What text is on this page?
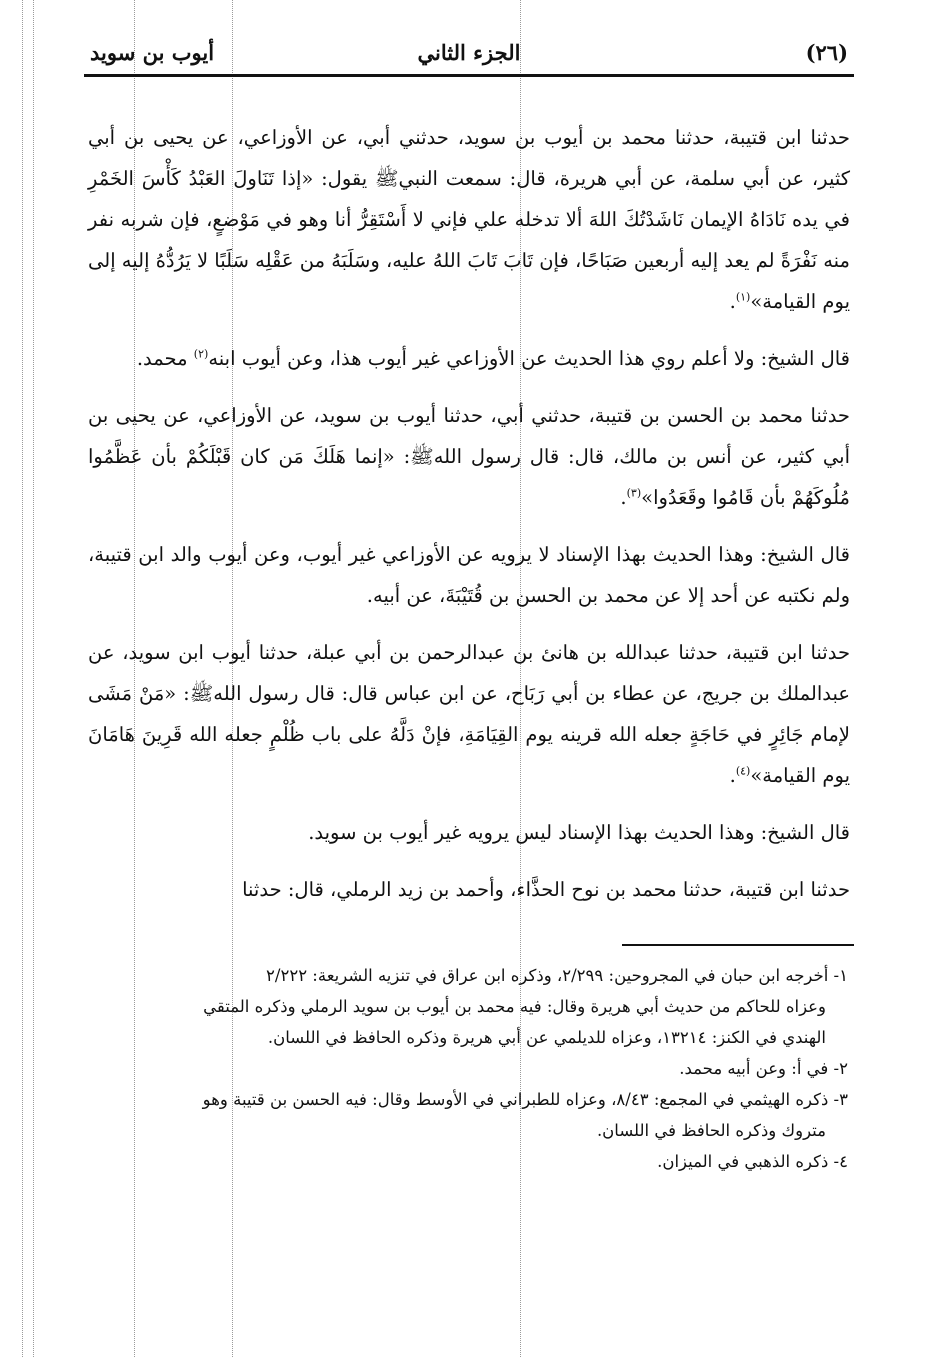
(٢٦)
الجزء الثاني
أيوب بن سويد

حدثنا ابن قتيبة، حدثنا محمد بن أيوب بن سويد، حدثني أبي، عن الأوزاعي، عن يحيى بن أبي كثير، عن أبي سلمة، عن أبي هريرة، قال: سمعت النبيﷺ يقول: «إذا تَنَاولَ العَبْدُ كَأْسَ الخَمْرِ في يده نَادَاهُ الإيمان نَاشَدْتُكَ اللهَ ألا تدخله علي فإني لا أَسْتَقِرُّ أنا وهو في مَوْضعٍ، فإن شربه نفر منه نَفْرَةً لم يعد إليه أربعين صَبَاحًا، فإن تَابَ تَابَ اللهُ عليه، وسَلَبَهُ من عَقْلِه سَلَبًا لا يَرُدُّهُ إليه إلى يوم القيامة»$^{(١)}$.

قال الشيخ: ولا أعلم روي هذا الحديث عن الأوزاعي غير أيوب هذا، وعن أيوب ابنه$^{(٢)}$ محمد.

حدثنا محمد بن الحسن بن قتيبة، حدثني أبي، حدثنا أيوب بن سويد، عن الأوزاعي، عن يحيى بن أبي كثير، عن أنس بن مالك، قال: قال رسول اللهﷺ: «إنما هَلَكَ مَن كان قَبْلَكُمْ بأن عَظَّمُوا مُلُوكَهُمْ بأن قَامُوا وقَعَدُوا»$^{(٣)}$.

قال الشيخ: وهذا الحديث بهذا الإسناد لا يرويه عن الأوزاعي غير أيوب، وعن أيوب والد ابن قتيبة، ولم نكتبه عن أحد إلا عن محمد بن الحسن بن قُتَيْبَةَ، عن أبيه.

حدثنا ابن قتيبة، حدثنا عبدالله بن هانئ بن عبدالرحمن بن أبي عبلة، حدثنا أيوب ابن سويد، عن عبدالملك بن جريج، عن عطاء بن أبي رَبَاح، عن ابن عباس قال: قال رسول اللهﷺ: «مَنْ مَشَى لإمام جَائِرٍ في حَاجَةٍ جعله الله قرينه يوم القِيَامَةِ، فإنْ دَلَّهُ على باب ظُلْمٍ جعله الله قَرِينَ هَامَانَ يوم القيامة»$^{(٤)}$.

قال الشيخ: وهذا الحديث بهذا الإسناد ليس يرويه غير أيوب بن سويد.

حدثنا ابن قتيبة، حدثنا محمد بن نوح الحذَّاء، وأحمد بن زيد الرملي، قال: حدثنا

١- أخرجه ابن حبان في المجروحين: ٢/٢٩٩، وذكره ابن عراق في تنزيه الشريعة: ٢/٢٢٢

وعزاه للحاكم من حديث أبي هريرة وقال: فيه محمد بن أيوب بن سويد الرملي وذكره المتقي

الهندي في الكنز: ١٣٢١٤، وعزاه للديلمي عن أبي هريرة وذكره الحافظ في اللسان.

٢- في أ: وعن أبيه محمد.

٣- ذكره الهيثمي في المجمع: ٨/٤٣، وعزاه للطبراني في الأوسط وقال: فيه الحسن بن قتيبة وهو

متروك وذكره الحافظ في اللسان.

٤- ذكره الذهبي في الميزان.
